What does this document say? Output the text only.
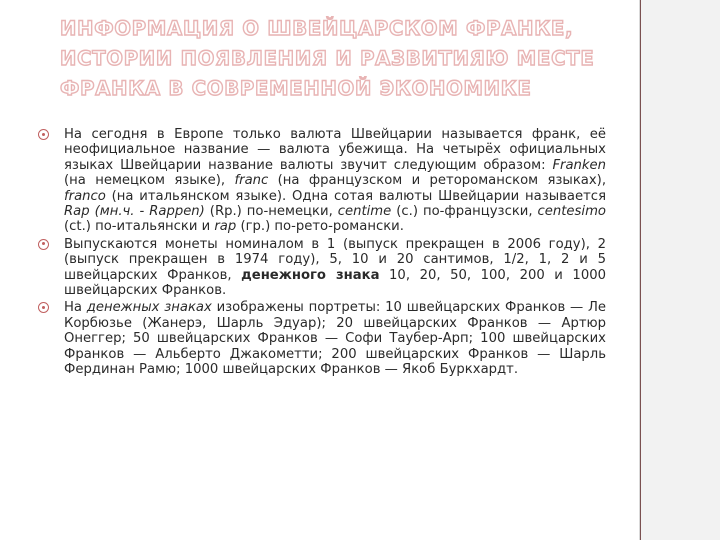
ИНФОРМАЦИЯ О ШВЕЙЦАРСКОМ ФРАНКЕ,
ИСТОРИИ ПОЯВЛЕНИЯ И РАЗВИТИЯЮ МЕСТЕ
ФРАНКА В СОВРЕМЕННОЙ ЭКОНОМИКЕ
На сегодня в Европе только валюта Швейцарии называется франк, её неофициальное название — валюта убежища. На четырёх официальных языках Швейцарии название валюты звучит следующим образом: Franken (на немецком языке), franc (на французском и ретороманском языках), franco (на итальянском языке). Одна сотая валюты Швейцарии называется Rap (мн.ч. - Rappen) (Rp.) по-немецки, centime (c.) по-французски, centesimo (ct.) по-итальянски и rap (гр.) по-рето-романски.
Выпускаются монеты номиналом в 1 (выпуск прекращен в 2006 году), 2 (выпуск прекращен в 1974 году), 5, 10 и 20 сантимов, 1/2, 1, 2 и 5 швейцарских Франков, денежного знака 10, 20, 50, 100, 200 и 1000 швейцарских Франков.
На денежных знаках изображены портреты: 10 швейцарских Франков — Ле Корбюзье (Жанерэ, Шарль Эдуар); 20 швейцарских Франков — Артюр Онеггер; 50 швейцарских Франков — Софи Таубер-Арп; 100 швейцарских Франков — Альберто Джакометти; 200 швейцарских Франков — Шарль Фердинан Рамю; 1000 швейцарских Франков — Якоб Буркхардт.
